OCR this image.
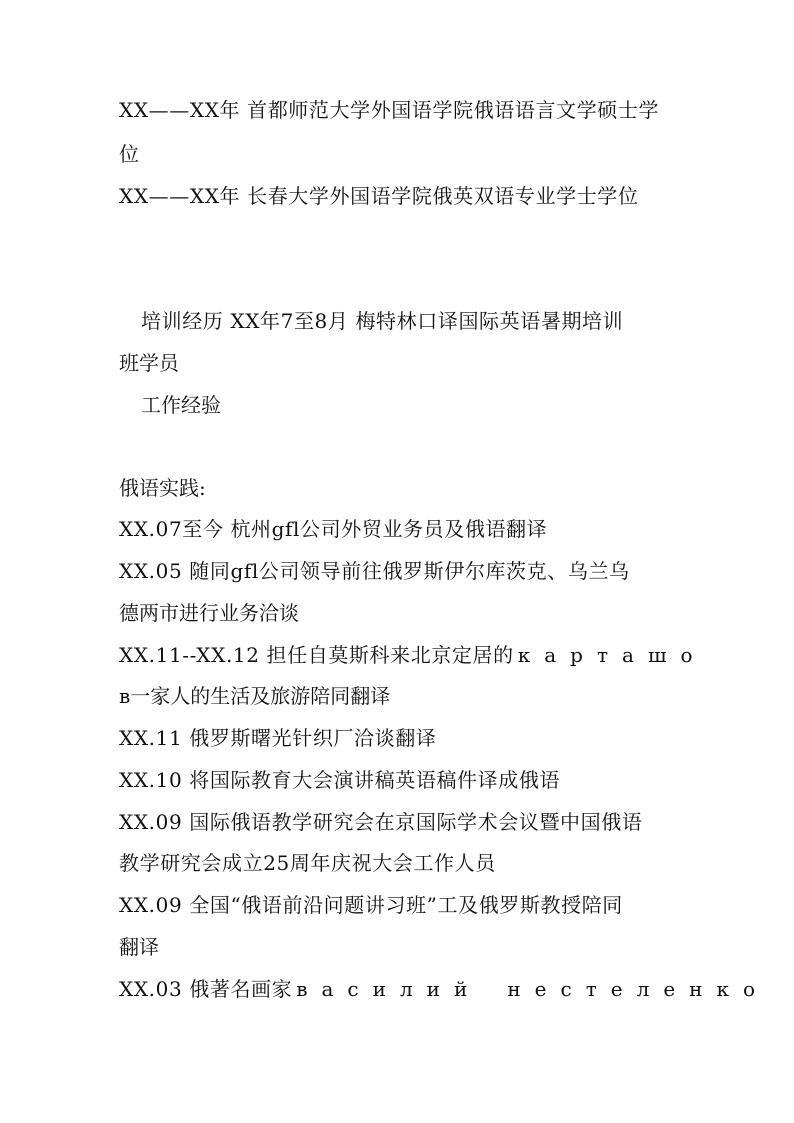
XX——XX年 首都师范大学外国语学院俄语语言文学硕士学
位
XX——XX年 长春大学外国语学院俄英双语专业学士学位
培训经历 XX年7至8月 梅特林口译国际英语暑期培训
班学员
工作经验
俄语实践:
XX.07至今 杭州gfl公司外贸业务员及俄语翻译
XX.05 随同gfl公司领导前往俄罗斯伊尔库茨克、乌兰乌
德两市进行业务洽谈
XX.11--XX.12 担任自莫斯科来北京定居的 карташо
в一家人的生活及旅游陪同翻译
XX.11 俄罗斯曙光针织厂洽谈翻译
XX.10 将国际教育大会演讲稿英语稿件译成俄语
XX.09 国际俄语教学研究会在京国际学术会议暨中国俄语
教学研究会成立25周年庆祝大会工作人员
XX.09 全国“俄语前沿问题讲习班”工及俄罗斯教授陪同
翻译
XX.03 俄著名画家 василий нестеленко
